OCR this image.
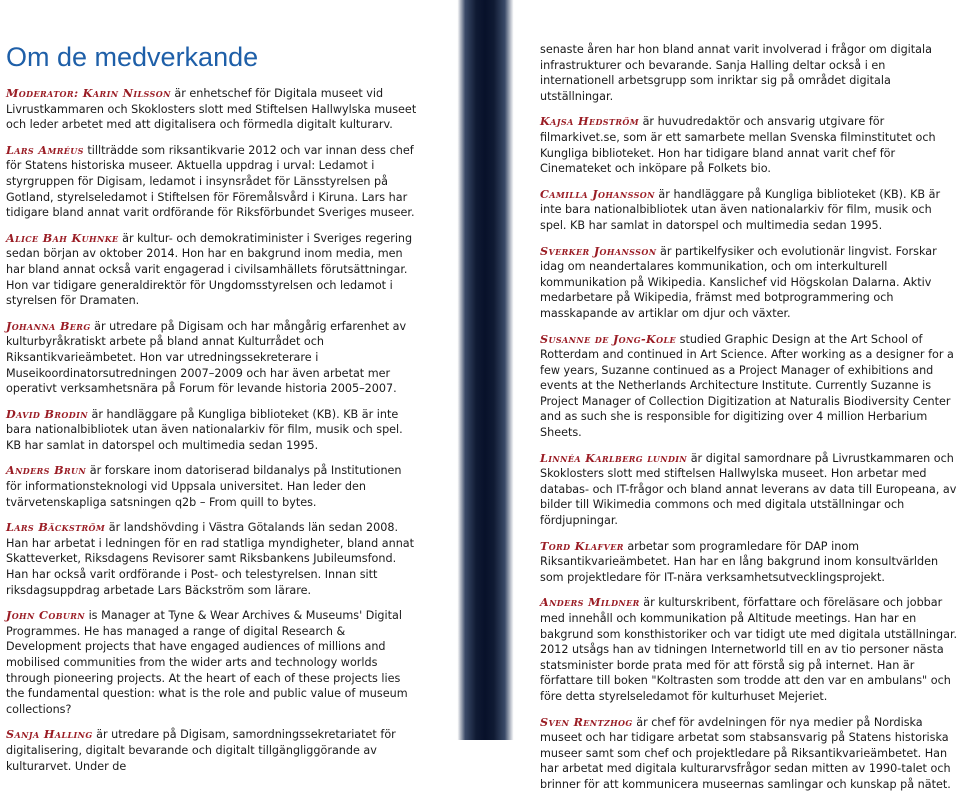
Om de medverkande

Moderator: Karin Nilsson är enhetschef för Digitala museet vid Livrustkammaren och Skoklosters slott med Stiftelsen Hallwylska museet och leder arbetet med att digitalisera och förmedla digitalt kulturarv.

Lars Amréus tillträdde som riksantikvarie 2012 och var innan dess chef för Statens historiska museer. Aktuella uppdrag i urval: Ledamot i styrgruppen för Digisam, ledamot i insynsrådet för Länsstyrelsen på Gotland, styrelseledamot i Stiftelsen för Föremålsvård i Kiruna. Lars har tidigare bland annat varit ordförande för Riksförbundet Sveriges museer.

Alice Bah Kuhnke är kultur- och demokratiminister i Sveriges regering sedan början av oktober 2014. Hon har en bakgrund inom media, men har bland annat också varit engagerad i civilsamhällets förutsättningar. Hon var tidigare generaldirektör för Ungdomsstyrelsen och ledamot i styrelsen för Dramaten.

Johanna Berg är utredare på Digisam och har mångårig erfarenhet av kulturbyråkratiskt arbete på bland annat Kulturrådet och Riksantikvarieämbetet. Hon var utredningssekreterare i Museikoordinatorsutredningen 2007–2009 och har även arbetat mer operativt verksamhetsnära på Forum för levande historia 2005–2007.

David Brodin är handläggare på Kungliga biblioteket (KB). KB är inte bara nationalbibliotek utan även nationalarkiv för film, musik och spel. KB har samlat in datorspel och multimedia sedan 1995.

Anders Brun är forskare inom datoriserad bildanalys på Institutionen för informationsteknologi vid Uppsala universitet. Han leder den tvärvetenskapliga satsningen q2b – From quill to bytes.

Lars Bäckström är landshövding i Västra Götalands län sedan 2008. Han har arbetat i ledningen för en rad statliga myndigheter, bland annat Skatteverket, Riksdagens Revisorer samt Riksbankens Jubileumsfond. Han har också varit ordförande i Post- och telestyrelsen. Innan sitt riksdagsuppdrag arbetade Lars Bäckström som lärare.

John Coburn is Manager at Tyne & Wear Archives & Museums' Digital Programmes. He has managed a range of digital Research & Development projects that have engaged audiences of millions and mobilised communities from the wider arts and technology worlds through pioneering projects. At the heart of each of these projects lies the fundamental question: what is the role and public value of museum collections?

Sanja Halling är utredare på Digisam, samordningssekretariatet för digitalisering, digitalt bevarande och digitalt tillgängliggörande av kulturarvet. Under de

senaste åren har hon bland annat varit involverad i frågor om digitala infrastrukturer och bevarande. Sanja Halling deltar också i en internationell arbetsgrupp som inriktar sig på området digitala utställningar.

Kajsa Hedström är huvudredaktör och ansvarig utgivare för filmarkivet.se, som är ett samarbete mellan Svenska filminstitutet och Kungliga biblioteket. Hon har tidigare bland annat varit chef för Cinemateket och inköpare på Folkets bio.

Camilla Johansson är handläggare på Kungliga biblioteket (KB). KB är inte bara nationalbibliotek utan även nationalarkiv för film, musik och spel. KB har samlat in datorspel och multimedia sedan 1995.

Sverker Johansson är partikelfysiker och evolutionär lingvist. Forskar idag om neandertalares kommunikation, och om interkulturell kommunikation på Wikipedia. Kanslichef vid Högskolan Dalarna. Aktiv medarbetare på Wikipedia, främst med botprogrammering och masskapande av artiklar om djur och växter.

Susanne de Jong-Kole studied Graphic Design at the Art School of Rotterdam and continued in Art Science. After working as a designer for a few years, Suzanne continued as a Project Manager of exhibitions and events at the Netherlands Architecture Institute. Currently Suzanne is Project Manager of Collection Digitization at Naturalis Biodiversity Center and as such she is responsible for digitizing over 4 million Herbarium Sheets.

Linnéa Karlberg lundin är digital samordnare på Livrustkammaren och Skoklosters slott med stiftelsen Hallwylska museet. Hon arbetar med databas- och IT-frågor och bland annat leverans av data till Europeana, av bilder till Wikimedia commons och med digitala utställningar och fördjupningar.

Tord Klafver arbetar som programledare för DAP inom Riksantikvarieämbetet. Han har en lång bakgrund inom konsultvärlden som projektledare för IT-nära verksamhetsutvecklingsprojekt.

Anders Mildner är kulturskribent, författare och föreläsare och jobbar med innehåll och kommunikation på Altitude meetings. Han har en bakgrund som konsthistoriker och var tidigt ute med digitala utställningar. 2012 utsågs han av tidningen Internetworld till en av tio personer nästa statsminister borde prata med för att förstå sig på internet. Han är författare till boken "Koltrasten som trodde att den var en ambulans" och före detta styrelseledamot för kulturhuset Mejeriet.

Sven Rentzhog är chef för avdelningen för nya medier på Nordiska museet och har tidigare arbetat som stabsansvarig på Statens historiska museer samt som chef och projektledare på Riksantikvarieämbetet. Han har arbetat med digitala kulturarvsfrågor sedan mitten av 1990-talet och brinner för att kommunicera museernas samlingar och kunskap på nätet.
